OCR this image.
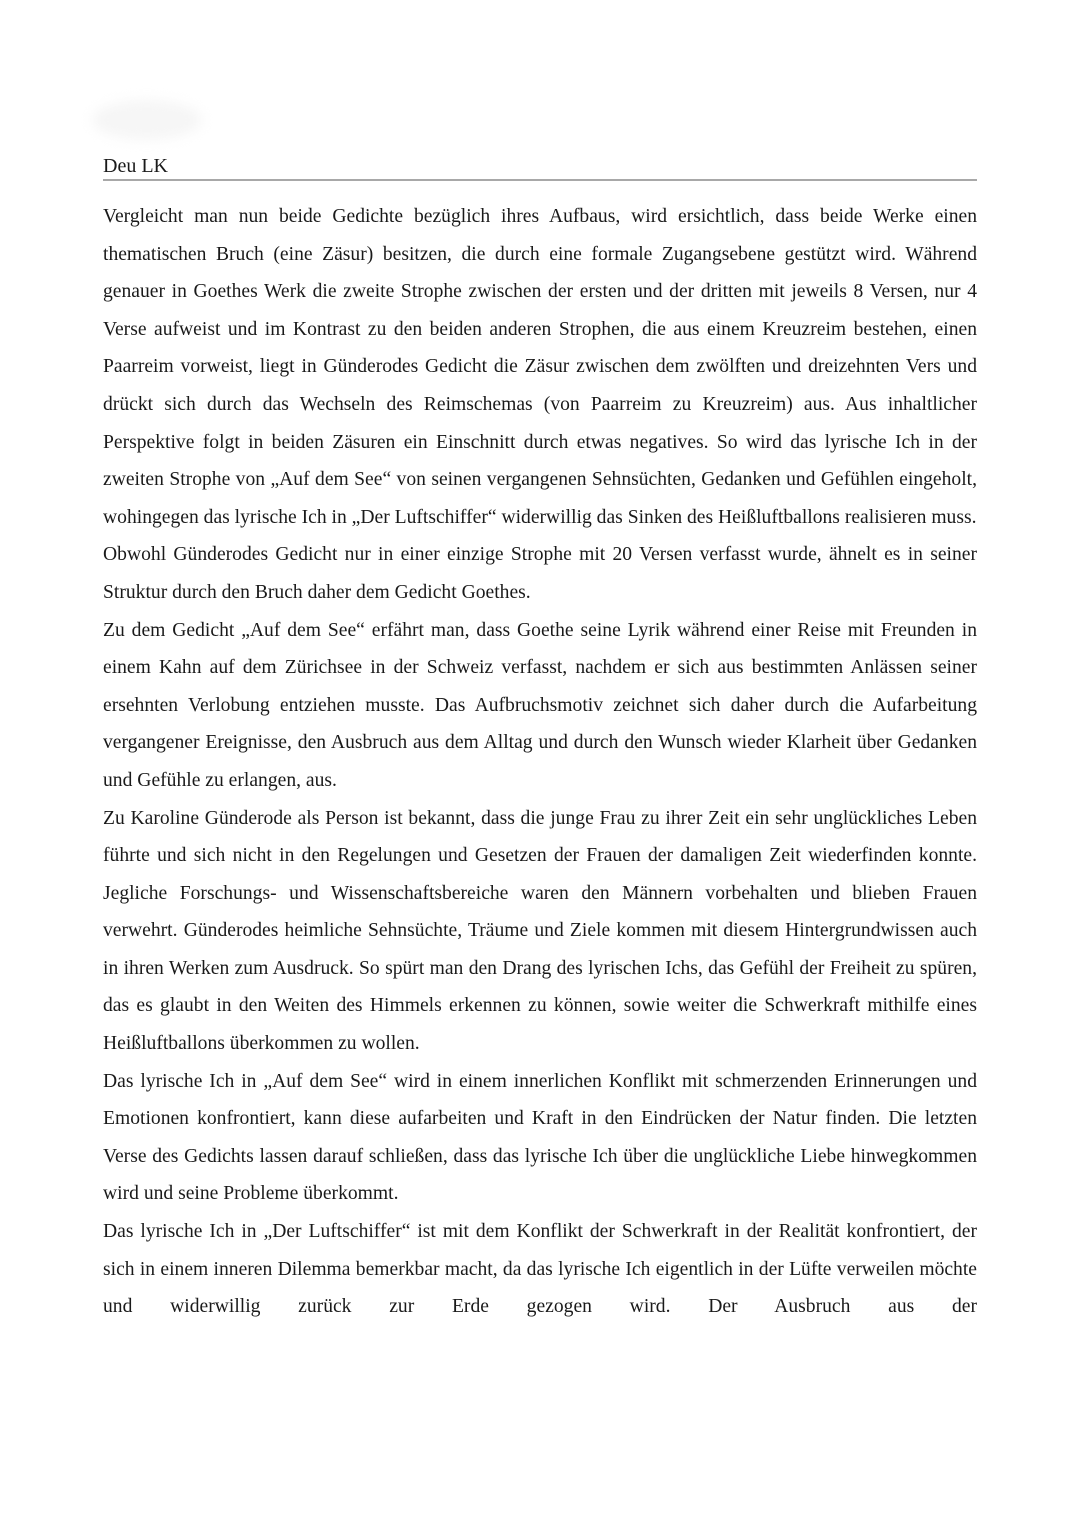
Deu LK

Vergleicht man nun beide Gedichte bezüglich ihres Aufbaus, wird ersichtlich, dass beide Werke einen thematischen Bruch (eine Zäsur) besitzen, die durch eine formale Zugangsebene gestützt wird. Während genauer in Goethes Werk die zweite Strophe zwischen der ersten und der dritten mit jeweils 8 Versen, nur 4 Verse aufweist und im Kontrast zu den beiden anderen Strophen, die aus einem Kreuzreim bestehen, einen Paarreim vorweist, liegt in Günderodes Gedicht die Zäsur zwischen dem zwölften und dreizehnten Vers und drückt sich durch das Wechseln des Reimschemas (von Paarreim zu Kreuzreim) aus. Aus inhaltlicher Perspektive folgt in beiden Zäsuren ein Einschnitt durch etwas negatives. So wird das lyrische Ich in der zweiten Strophe von „Auf dem See“ von seinen vergangenen Sehnsüchten, Gedanken und Gefühlen eingeholt, wohingegen das lyrische Ich in „Der Luftschiffer“ widerwillig das Sinken des Heißluftballons realisieren muss.

Obwohl Günderodes Gedicht nur in einer einzige Strophe mit 20 Versen verfasst wurde, ähnelt es in seiner Struktur durch den Bruch daher dem Gedicht Goethes.

Zu dem Gedicht „Auf dem See“ erfährt man, dass Goethe seine Lyrik während einer Reise mit Freunden in einem Kahn auf dem Zürichsee in der Schweiz verfasst, nachdem er sich aus bestimmten Anlässen seiner ersehnten Verlobung entziehen musste. Das Aufbruchsmotiv zeichnet sich daher durch die Aufarbeitung vergangener Ereignisse, den Ausbruch aus dem Alltag und durch den Wunsch wieder Klarheit über Gedanken und Gefühle zu erlangen, aus.

Zu Karoline Günderode als Person ist bekannt, dass die junge Frau zu ihrer Zeit ein sehr unglückliches Leben führte und sich nicht in den Regelungen und Gesetzen der Frauen der damaligen Zeit wiederfinden konnte. Jegliche Forschungs- und Wissenschaftsbereiche waren den Männern vorbehalten und blieben Frauen verwehrt. Günderodes heimliche Sehnsüchte, Träume und Ziele kommen mit diesem Hintergrundwissen auch in ihren Werken zum Ausdruck. So spürt man den Drang des lyrischen Ichs, das Gefühl der Freiheit zu spüren, das es glaubt in den Weiten des Himmels erkennen zu können, sowie weiter die Schwerkraft mithilfe eines Heißluftballons überkommen zu wollen.

Das lyrische Ich in „Auf dem See“ wird in einem innerlichen Konflikt mit schmerzenden Erinnerungen und Emotionen konfrontiert, kann diese aufarbeiten und Kraft in den Eindrücken der Natur finden. Die letzten Verse des Gedichts lassen darauf schließen, dass das lyrische Ich über die unglückliche Liebe hinwegkommen wird und seine Probleme überkommt.

Das lyrische Ich in „Der Luftschiffer“ ist mit dem Konflikt der Schwerkraft in der Realität konfrontiert, der sich in einem inneren Dilemma bemerkbar macht, da das lyrische Ich eigentlich in der Lüfte verweilen möchte und widerwillig zurück zur Erde gezogen wird. Der Ausbruch aus der
